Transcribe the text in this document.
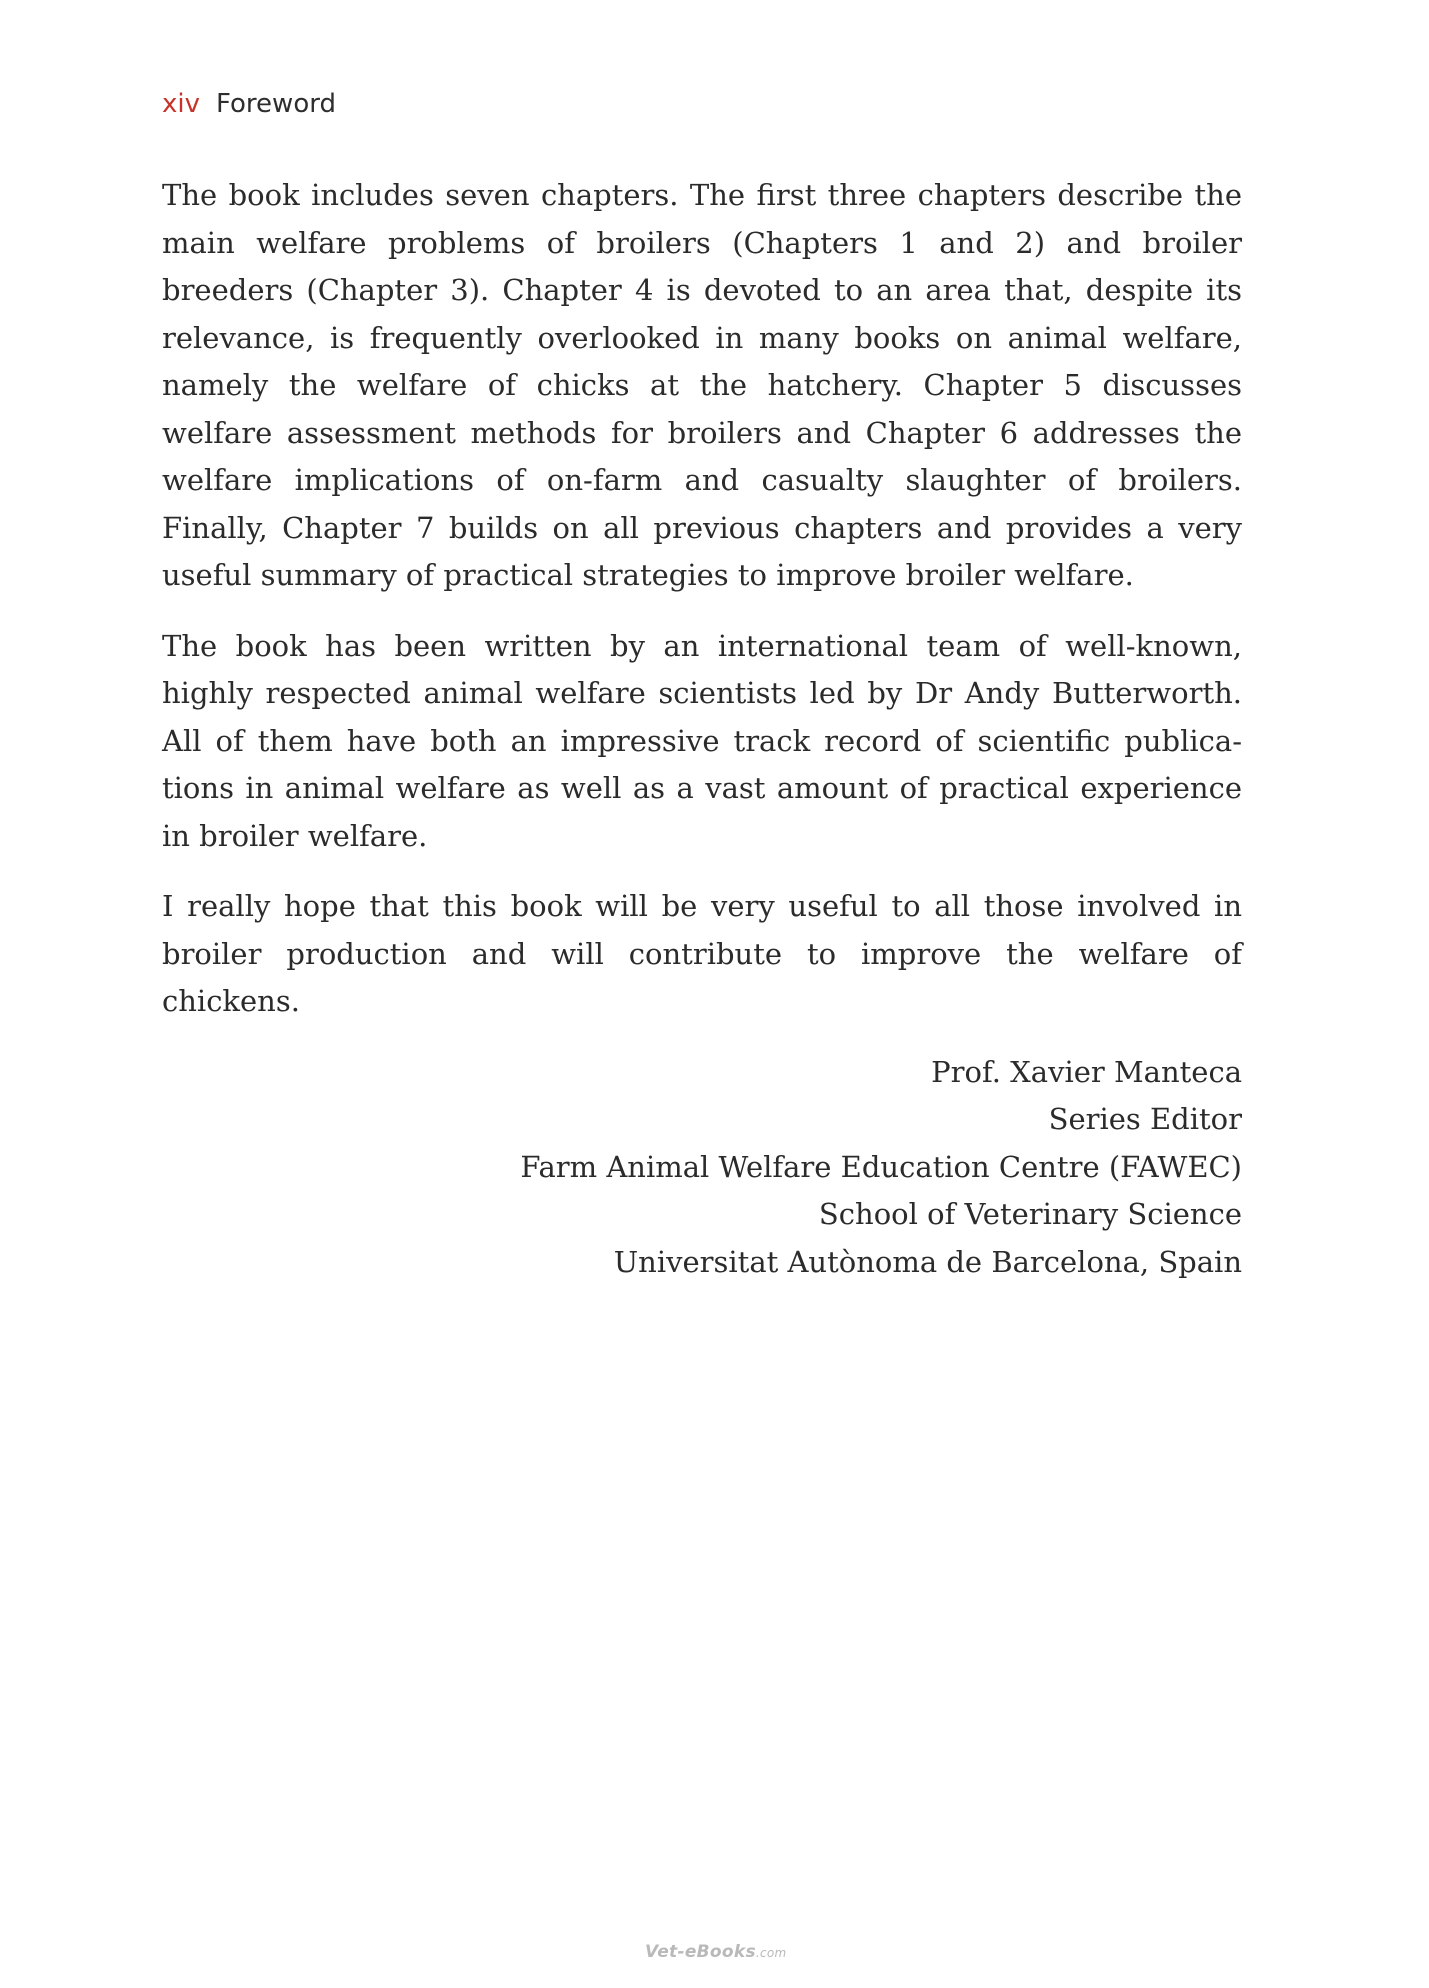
xiv Foreword

The book includes seven chapters. The first three chapters describe the main welfare problems of broilers (Chapters 1 and 2) and broiler breeders (Chapter 3). Chapter 4 is devoted to an area that, despite its relevance, is frequently overlooked in many books on animal welfare, namely the welfare of chicks at the hatchery. Chapter 5 discusses welfare assessment methods for broilers and Chapter 6 addresses the welfare implications of on-farm and casualty slaughter of broilers. Finally, Chapter 7 builds on all previous chapters and provides a very useful summary of practical strategies to improve broiler welfare.

The book has been written by an international team of well-known, highly respected animal welfare scientists led by Dr Andy Butterworth. All of them have both an impressive track record of scientific publications in animal welfare as well as a vast amount of practical experience in broiler welfare.

I really hope that this book will be very useful to all those involved in broiler production and will contribute to improve the welfare of chickens.

Prof. Xavier Manteca
Series Editor
Farm Animal Welfare Education Centre (FAWEC)
School of Veterinary Science
Universitat Autònoma de Barcelona, Spain
Vet-eBooks.com
